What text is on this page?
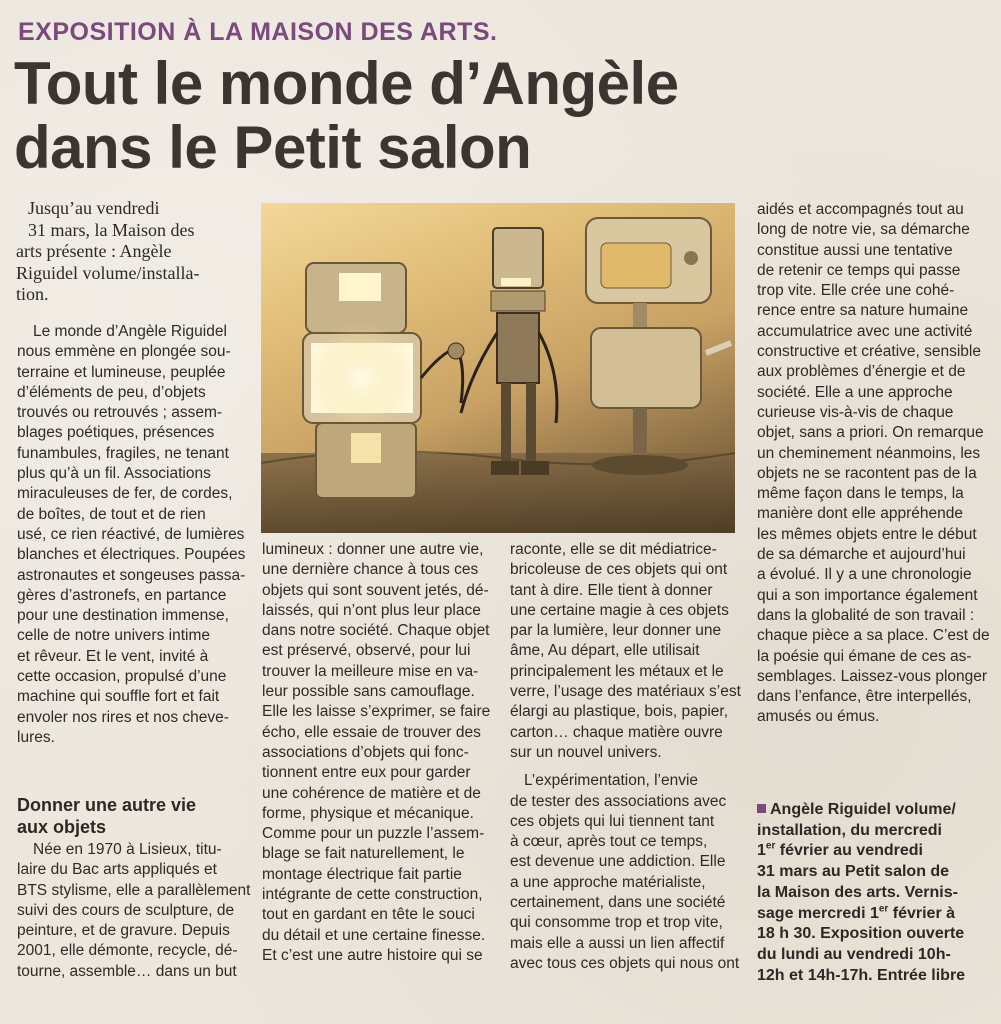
EXPOSITION À LA MAISON DES ARTS.
Tout le monde d’Angèle
dans le Petit salon
Jusqu’au vendredi
31 mars, la Maison des
arts présente : Angèle
Riguidel volume/installa-
tion.
Le monde d’Angèle Riguidel
nous emmène en plongée sou-
terraine et lumineuse, peuplée
d’éléments de peu, d’objets
trouvés ou retrouvés ; assem-
blages poétiques, présences
funambules, fragiles, ne tenant
plus qu’à un fil. Associations
miraculeuses de fer, de cordes,
de boîtes, de tout et de rien
usé, ce rien réactivé, de lumières
blanches et électriques. Poupées
astronautes et songeuses passa-
gères d’astronefs, en partance
pour une destination immense,
celle de notre univers intime
et rêveur. Et le vent, invité à
cette occasion, propulsé d’une
machine qui souffle fort et fait
envoler nos rires et nos cheve-
lures.
Donner une autre vie
aux objets
Née en 1970 à Lisieux, titu-
laire du Bac arts appliqués et
BTS stylisme, elle a parallèlement
suivi des cours de sculpture, de
peinture, et de gravure. Depuis
2001, elle démonte, recycle, dé-
tourne, assemble… dans un but
lumineux : donner une autre vie,
une dernière chance à tous ces
objets qui sont souvent jetés, dé-
laissés, qui n’ont plus leur place
dans notre société. Chaque objet
est préservé, observé, pour lui
trouver la meilleure mise en va-
leur possible sans camouflage.
Elle les laisse s’exprimer, se faire
écho, elle essaie de trouver des
associations d’objets qui fonc-
tionnent entre eux pour garder
une cohérence de matière et de
forme, physique et mécanique.
Comme pour un puzzle l’assem-
blage se fait naturellement, le
montage électrique fait partie
intégrante de cette construction,
tout en gardant en tête le souci
du détail et une certaine finesse.
Et c’est une autre histoire qui se
raconte, elle se dit médiatrice-
bricoleuse de ces objets qui ont
tant à dire. Elle tient à donner
une certaine magie à ces objets
par la lumière, leur donner une
âme, Au départ, elle utilisait
principalement les métaux et le
verre, l’usage des matériaux s’est
élargi au plastique, bois, papier,
carton… chaque matière ouvre
sur un nouvel univers.
L’expérimentation, l’envie
de tester des associations avec
ces objets qui lui tiennent tant
à cœur, après tout ce temps,
est devenue une addiction. Elle
a une approche matérialiste,
certainement, dans une société
qui consomme trop et trop vite,
mais elle a aussi un lien affectif
avec tous ces objets qui nous ont
aidés et accompagnés tout au
long de notre vie, sa démarche
constitue aussi une tentative
de retenir ce temps qui passe
trop vite. Elle crée une cohé-
rence entre sa nature humaine
accumulatrice avec une activité
constructive et créative, sensible
aux problèmes d’énergie et de
société. Elle a une approche
curieuse vis-à-vis de chaque
objet, sans a priori. On remarque
un cheminement néanmoins, les
objets ne se racontent pas de la
même façon dans le temps, la
manière dont elle appréhende
les mêmes objets entre le début
de sa démarche et aujourd’hui
a évolué. Il y a une chronologie
qui a son importance également
dans la globalité de son travail :
chaque pièce a sa place. C’est de
la poésie qui émane de ces as-
semblages. Laissez-vous plonger
dans l’enfance, être interpellés,
amusés ou émus.
Angèle Riguidel volume/
installation, du mercredi
1er février au vendredi
31 mars au Petit salon de
la Maison des arts. Vernis-
sage mercredi 1er février à
18 h 30. Exposition ouverte
du lundi au vendredi 10h-
12h et 14h-17h. Entrée libre
